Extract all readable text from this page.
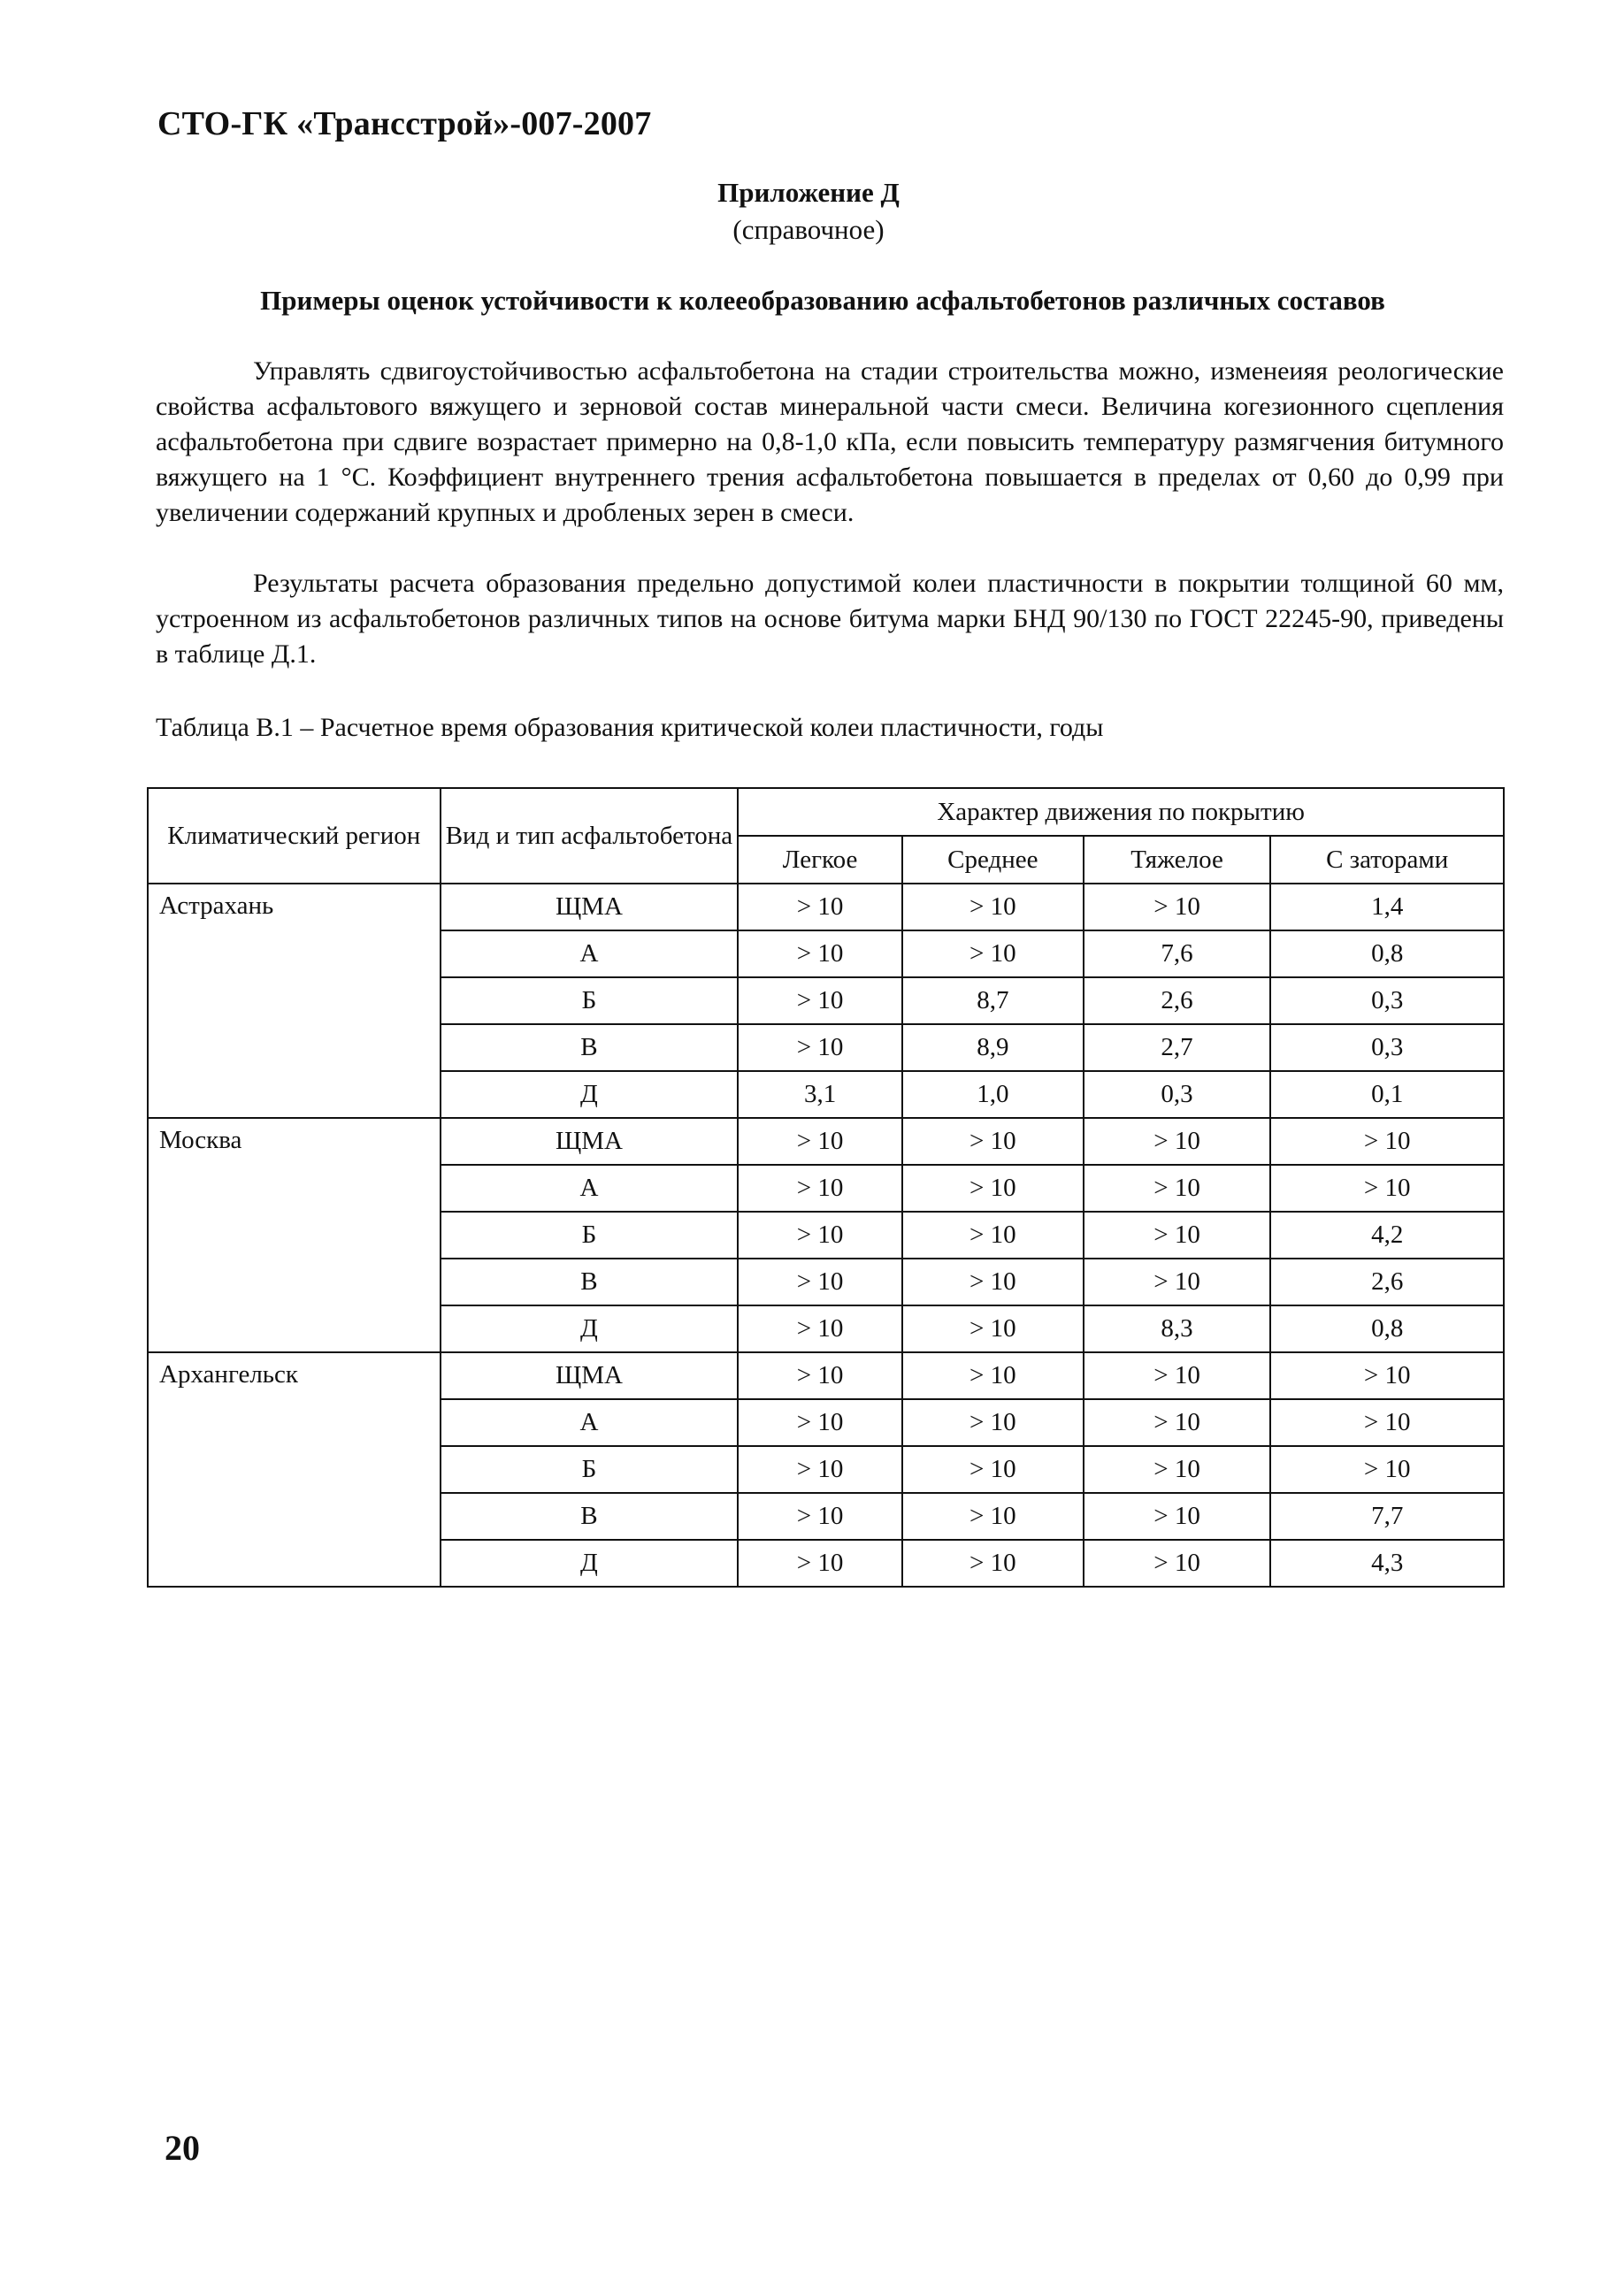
СТО-ГК «Трансстрой»-007-2007
Приложение Д
(справочное)
Примеры оценок устойчивости к колееобразованию асфальтобетонов различных составов

Управлять сдвигоустойчивостью асфальтобетона на стадии строительства можно, изменеияя реологические свойства асфальтового вяжущего и зерновой состав минеральной части смеси. Величина когезионного сцепления асфальтобетона при сдвиге возрастает примерно на 0,8-1,0 кПа, если повысить температуру размягчения битумного вяжущего на 1 °С. Коэффициент внутреннего трения асфальтобетона повышается в пределах от 0,60 до 0,99 при увеличении содержаний крупных и дробленых зерен в смеси.

Результаты расчета образования предельно допустимой колеи пластичности в покрытии толщиной 60 мм, устроенном из асфальтобетонов различных типов на основе битума марки БНД 90/130 по ГОСТ 22245-90, приведены в таблице Д.1.

Таблица В.1 – Расчетное время образования критической колеи пластичности, годы
Климатический регион	Вид и тип асфальтобетона	Характер движения по покрытию			
		Легкое	Среднее	Тяжелое	С заторами
Астрахань	ЩМА	> 10	> 10	> 10	1,4
	А	> 10	> 10	7,6	0,8
	Б	> 10	8,7	2,6	0,3
	В	> 10	8,9	2,7	0,3
	Д	3,1	1,0	0,3	0,1
Москва	ЩМА	> 10	> 10	> 10	> 10
	А	> 10	> 10	> 10	> 10
	Б	> 10	> 10	> 10	4,2
	В	> 10	> 10	> 10	2,6
	Д	> 10	> 10	8,3	0,8
Архангельск	ЩМА	> 10	> 10	> 10	> 10
	А	> 10	> 10	> 10	> 10
	Б	> 10	> 10	> 10	> 10
	В	> 10	> 10	> 10	7,7
	Д	> 10	> 10	> 10	4,3
20
